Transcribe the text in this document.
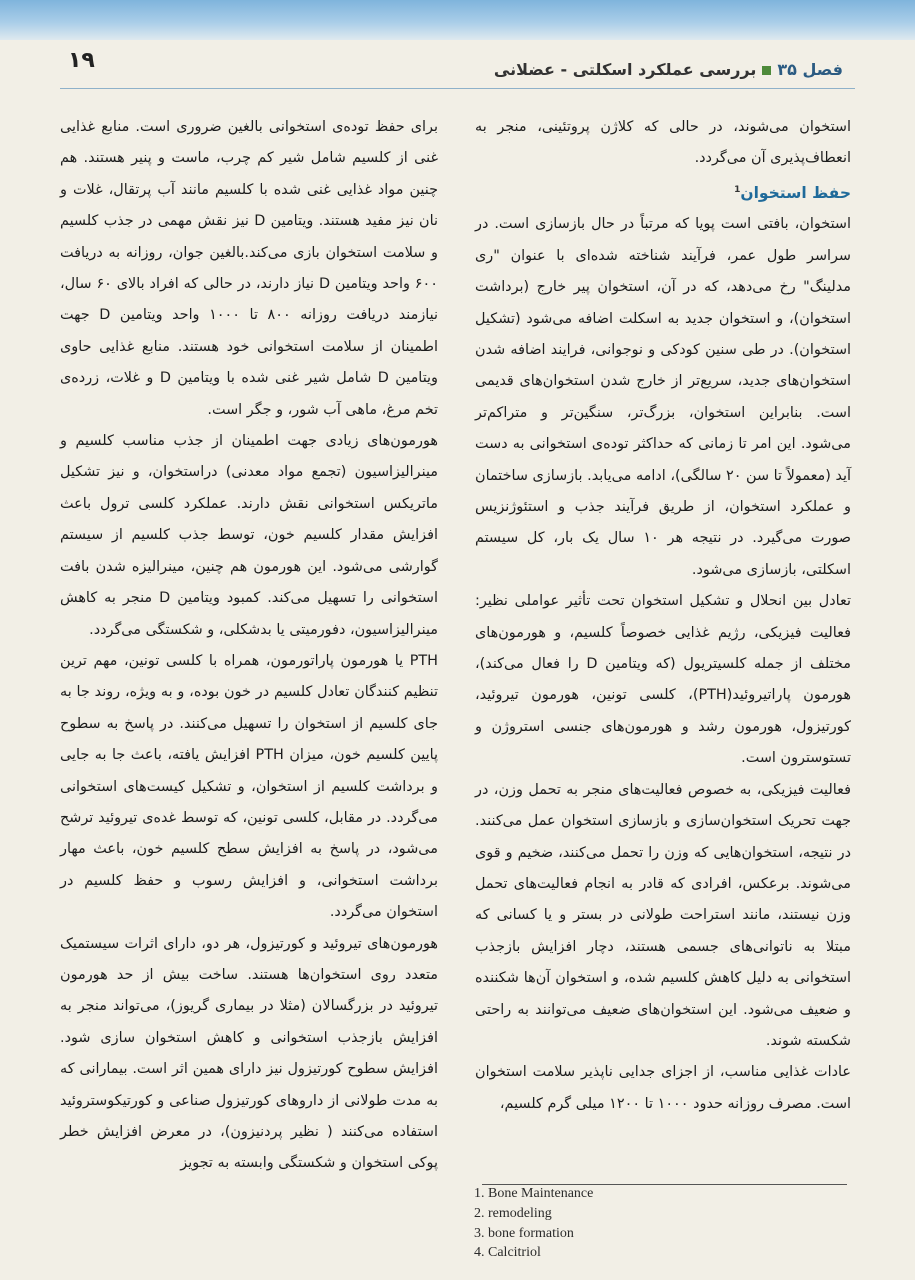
۱۹	فصل ۳۵بررسی عملکرد اسکلتی - عضلانی

استخوان می‌شوند، در حالی که کلاژن پروتئینی، منجر به انعطاف‌پذیری آن می‌گردد.

حفظ استخوان$^1$

استخوان، بافتی است پویا که مرتباً در حال بازسازی است. در سراسر طول عمر، فرآیند شناخته شده‌ای با عنوان "ری مدلینگ" رخ می‌دهد، که در آن، استخوان پیر خارج (برداشت استخوان)، و استخوان جدید به اسکلت اضافه می‌شود (تشکیل استخوان). در طی سنین کودکی و نوجوانی، فرایند اضافه شدن استخوان‌های جدید، سریع‌تر از خارج شدن استخوان‌های قدیمی است. بنابراین استخوان، بزرگ‌تر، سنگین‌تر و متراکم‌تر می‌شود. این امر تا زمانی که حداکثر توده‌ی استخوانی به دست آید (معمولاً تا سن ۲۰ سالگی)، ادامه می‌یابد. بازسازی ساختمان و عملکرد استخوان، از طریق فرآیند جذب و استئوژنزیس صورت می‌گیرد. در نتیجه هر ۱۰ سال یک بار، کل سیستم اسکلتی، بازسازی می‌شود.

تعادل بین انحلال و تشکیل استخوان تحت تأثیر عواملی نظیر: فعالیت فیزیکی، رژیم غذایی خصوصاً کلسیم، و هورمون‌های مختلف از جمله کلسیتریول (که ویتامین D را فعال می‌کند)، هورمون پاراتیروئید(PTH)، کلسی تونین، هورمون تیروئید، کورتیزول، هورمون رشد و هورمون‌های جنسی استروژن و تستوسترون است.

فعالیت فیزیکی، به خصوص فعالیت‌های منجر به تحمل وزن، در جهت تحریک استخوان‌سازی و بازسازی استخوان عمل می‌کنند. در نتیجه، استخوان‌هایی که وزن را تحمل می‌کنند، ضخیم و قوی می‌شوند. برعکس، افرادی که قادر به انجام فعالیت‌های تحمل وزن نیستند، مانند استراحت طولانی در بستر و یا کسانی که مبتلا به ناتوانی‌های جسمی هستند، دچار افزایش بازجذب استخوانی به دلیل کاهش کلسیم شده، و استخوان آن‌ها شکننده و ضعیف می‌شود. این استخوان‌های ضعیف می‌توانند به راحتی شکسته شوند.

عادات غذایی مناسب، از اجزای جدایی ناپذیر سلامت استخوان است. مصرف روزانه حدود ۱۰۰۰ تا ۱۲۰۰ میلی گرم کلسیم،

برای حفظ توده‌ی استخوانی بالغین ضروری است. منابع غذایی غنی از کلسیم شامل شیر کم چرب، ماست و پنیر هستند. هم چنین مواد غذایی غنی شده با کلسیم مانند آب پرتقال، غلات و نان نیز مفید هستند. ویتامین D نیز نقش مهمی در جذب کلسیم و سلامت استخوان بازی می‌کند.بالغین جوان، روزانه به دریافت ۶۰۰ واحد ویتامین D نیاز دارند، در حالی که افراد بالای ۶۰ سال، نیازمند دریافت روزانه ۸۰۰ تا ۱۰۰۰ واحد ویتامین D جهت اطمینان از سلامت استخوانی خود هستند. منابع غذایی حاوی ویتامین D شامل شیر غنی شده با ویتامین D و غلات، زرده‌ی تخم مرغ، ماهی آب شور، و جگر است.

هورمون‌های زیادی جهت اطمینان از جذب مناسب کلسیم و مینرالیزاسیون (تجمع مواد معدنی) دراستخوان، و نیز تشکیل ماتریکس استخوانی نقش دارند. عملکرد کلسی ترول باعث افزایش مقدار کلسیم خون، توسط جذب کلسیم از سیستم گوارشی می‌شود. این هورمون هم چنین، مینرالیزه شدن بافت استخوانی را تسهیل می‌کند. کمبود ویتامین D منجر به کاهش مینرالیزاسیون، دفورمیتی یا بدشکلی، و شکستگی می‌گردد.

PTH یا هورمون پاراتورمون، همراه با کلسی تونین، مهم ترین تنظیم کنندگان تعادل کلسیم در خون بوده، و به ویژه، روند جا به جای کلسیم از استخوان را تسهیل می‌کنند. در پاسخ به سطوح پایین کلسیم خون، میزان PTH افزایش یافته، باعث جا به جایی و برداشت کلسیم از استخوان، و تشکیل کیست‌های استخوانی می‌گردد. در مقابل، کلسی تونین، که توسط غده‌ی تیروئید ترشح می‌شود، در پاسخ به افزایش سطح کلسیم خون، باعث مهار برداشت استخوانی، و افزایش رسوب و حفظ کلسیم در استخوان می‌گردد.

هورمون‌های تیروئید و کورتیزول، هر دو، دارای اثرات سیستمیک متعدد روی استخوان‌ها هستند. ساخت بیش از حد هورمون تیروئید در بزرگسالان (مثلا در بیماری گریوز)، می‌تواند منجر به افزایش بازجذب استخوانی و کاهش استخوان سازی شود. افزایش سطوح کورتیزول نیز دارای همین اثر است. بیمارانی که به مدت طولانی از داروهای کورتیزول صناعی و کورتیکوستروئید استفاده می‌کنند ( نظیر پردنیزون)، در معرض افزایش خطر پوکی استخوان و شکستگی وابسته به تجویز

1. Bone Maintenance
2. remodeling
3. bone formation
4. Calcitriol
